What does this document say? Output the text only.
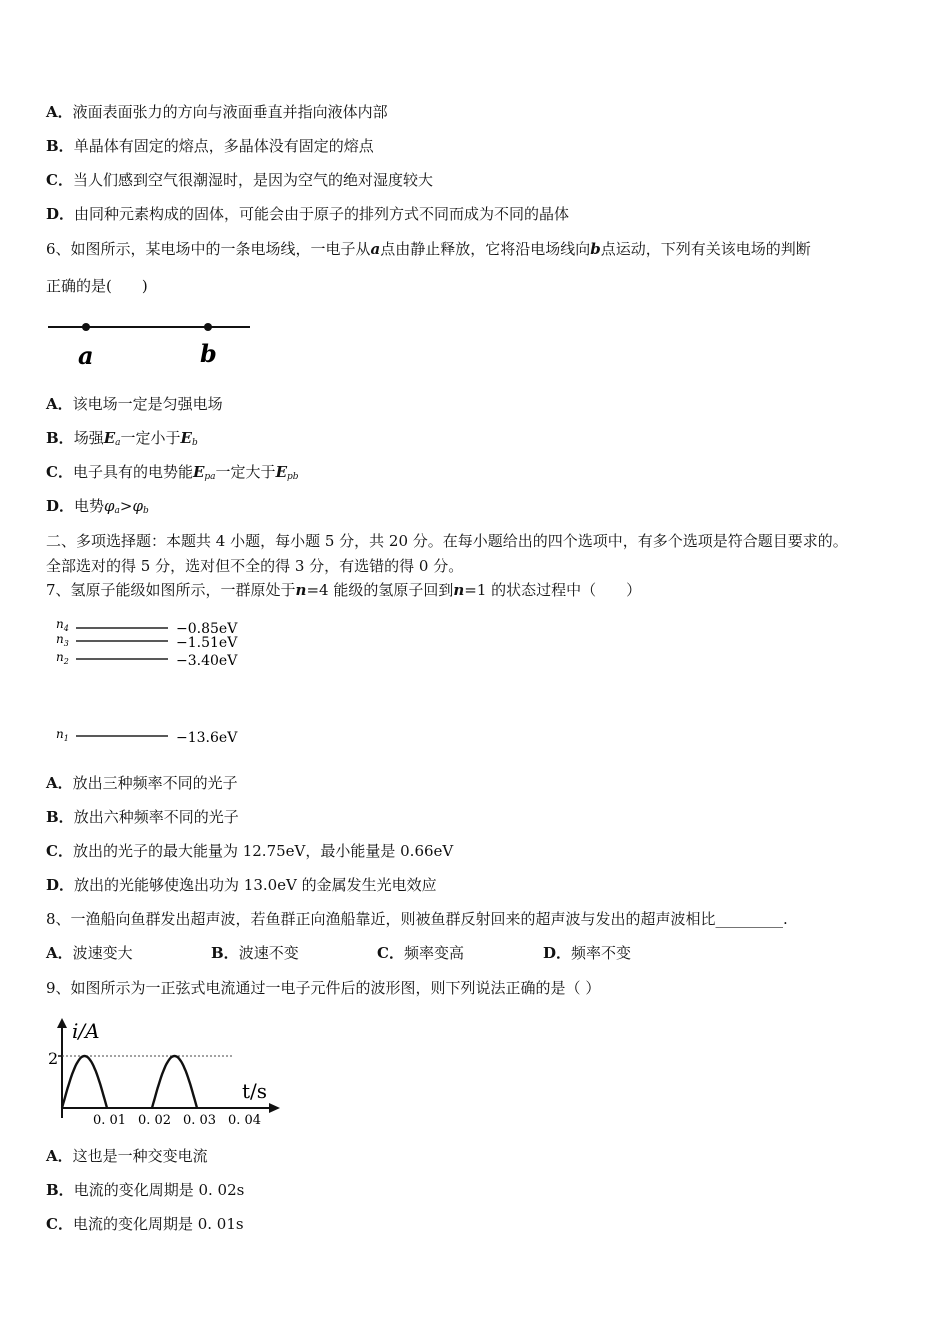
A．液面表面张力的方向与液面垂直并指向液体内部
B．单晶体有固定的熔点，多晶体没有固定的熔点
C．当人们感到空气很潮湿时，是因为空气的绝对湿度较大
D．由同种元素构成的固体，可能会由于原子的排列方式不同而成为不同的晶体
6、如图所示，某电场中的一条电场线，一电子从a点由静止释放，它将沿电场线向b点运动，下列有关该电场的判断
正确的是(　　)
a	b
A．该电场一定是匀强电场
B．场强$E_a$一定小于$E_b$
C．电子具有的电势能$E_{pa}$一定大于$E_{pb}$
D．电势$\varphi_a>\varphi_b$
二、多项选择题：本题共 4 小题，每小题 5 分，共 20 分。在每小题给出的四个选项中，有多个选项是符合题目要求的。
全部选对的得 5 分，选对但不全的得 3 分，有选错的得 0 分。
7、氢原子能级如图所示，一群原处于n=4 能级的氢原子回到n=1 的状态过程中（　　）
$n_4$	−0.85eV
$n_3$	−1.51eV
$n_2$	−3.40eV
$n_1$	−13.6eV
A．放出三种频率不同的光子
B．放出六种频率不同的光子
C．放出的光子的最大能量为 12.75eV，最小能量是 0.66eV
D．放出的光能够使逸出功为 13.0eV 的金属发生光电效应
8、一渔船向鱼群发出超声波，若鱼群正向渔船靠近，则被鱼群反射回来的超声波与发出的超声波相比_________.
A．波速变大	B．波速不变	C．频率变高	D．频率不变
9、如图所示为一正弦式电流通过一电子元件后的波形图，则下列说法正确的是（ ）
i/A
t/s
2
0. 01 0. 02 0. 03 0. 04
A．这也是一种交变电流
B．电流的变化周期是 0. 02s
C．电流的变化周期是 0. 01s
